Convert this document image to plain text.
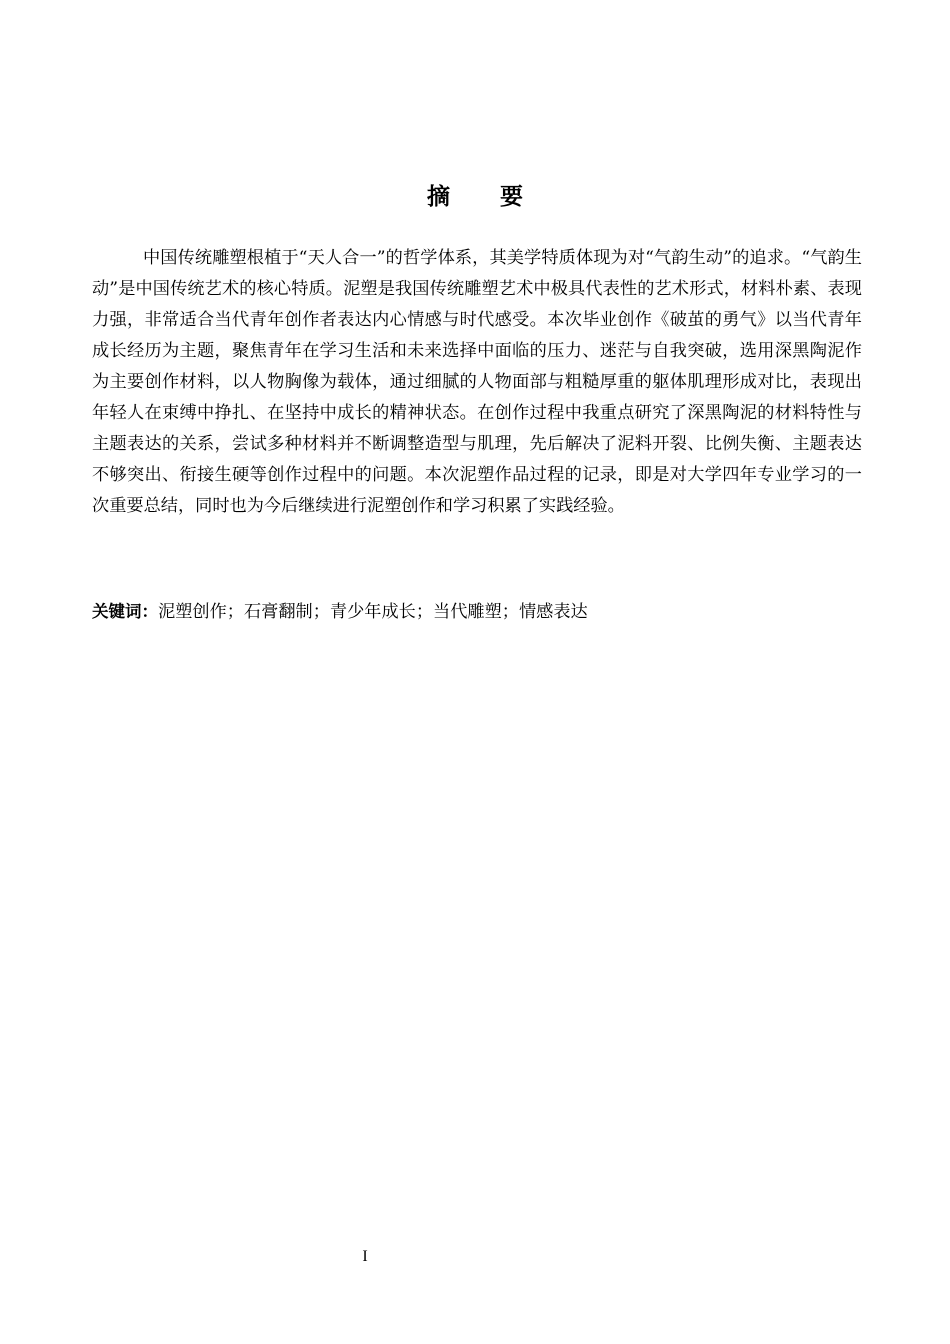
摘 要

中国传统雕塑根植于“天人合一”的哲学体系，其美学特质体现为对“气韵生动”的追求。“气韵生动”是中国传统艺术的核心特质。泥塑是我国传统雕塑艺术中极具代表性的艺术形式，材料朴素、表现力强，非常适合当代青年创作者表达内心情感与时代感受。本次毕业创作《破茧的勇气》以当代青年成长经历为主题，聚焦青年在学习生活和未来选择中面临的压力、迷茫与自我突破，选用深黑陶泥作为主要创作材料，以人物胸像为载体，通过细腻的人物面部与粗糙厚重的躯体肌理形成对比，表现出年轻人在束缚中挣扎、在坚持中成长的精神状态。在创作过程中我重点研究了深黑陶泥的材料特性与主题表达的关系，尝试多种材料并不断调整造型与肌理，先后解决了泥料开裂、比例失衡、主题表达不够突出、衔接生硬等创作过程中的问题。本次泥塑作品过程的记录，即是对大学四年专业学习的一次重要总结，同时也为今后继续进行泥塑创作和学习积累了实践经验。

关键词：泥塑创作；石膏翻制；青少年成长；当代雕塑；情感表达

I
